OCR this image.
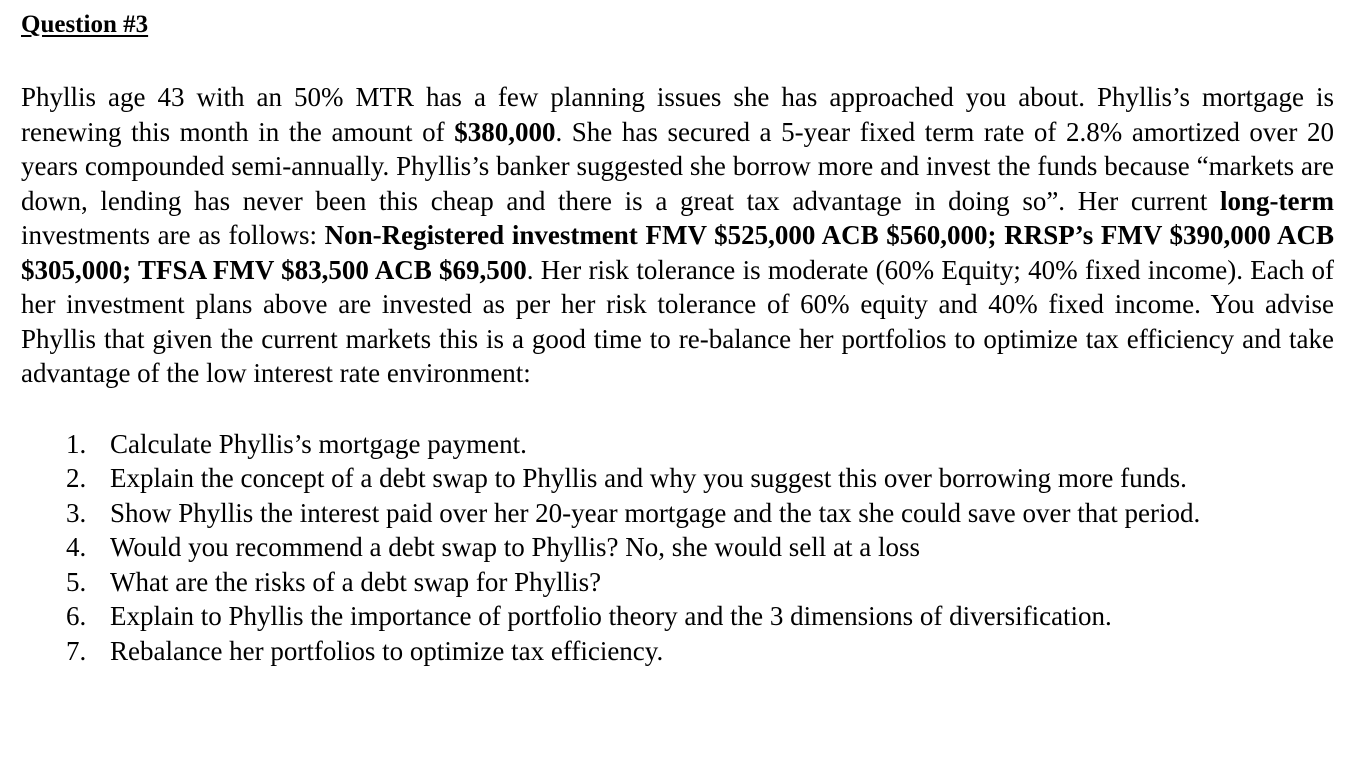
Question #3

Phyllis age 43 with an 50% MTR has a few planning issues she has approached you about. Phyllis’s mortgage is renewing this month in the amount of $380,000. She has secured a 5-year fixed term rate of 2.8% amortized over 20 years compounded semi-annually. Phyllis’s banker suggested she borrow more and invest the funds because “markets are down, lending has never been this cheap and there is a great tax advantage in doing so”. Her current long-term investments are as follows: Non-Registered investment FMV $525,000 ACB $560,000; RRSP’s FMV $390,000 ACB $305,000; TFSA FMV $83,500 ACB $69,500. Her risk tolerance is moderate (60% Equity; 40% fixed income). Each of her investment plans above are invested as per her risk tolerance of 60% equity and 40% fixed income. You advise Phyllis that given the current markets this is a good time to re-balance her portfolios to optimize tax efficiency and take advantage of the low interest rate environment:

1. Calculate Phyllis’s mortgage payment.
2. Explain the concept of a debt swap to Phyllis and why you suggest this over borrowing more funds.
3. Show Phyllis the interest paid over her 20-year mortgage and the tax she could save over that period.
4. Would you recommend a debt swap to Phyllis? No, she would sell at a loss
5. What are the risks of a debt swap for Phyllis?
6. Explain to Phyllis the importance of portfolio theory and the 3 dimensions of diversification.
7. Rebalance her portfolios to optimize tax efficiency.
